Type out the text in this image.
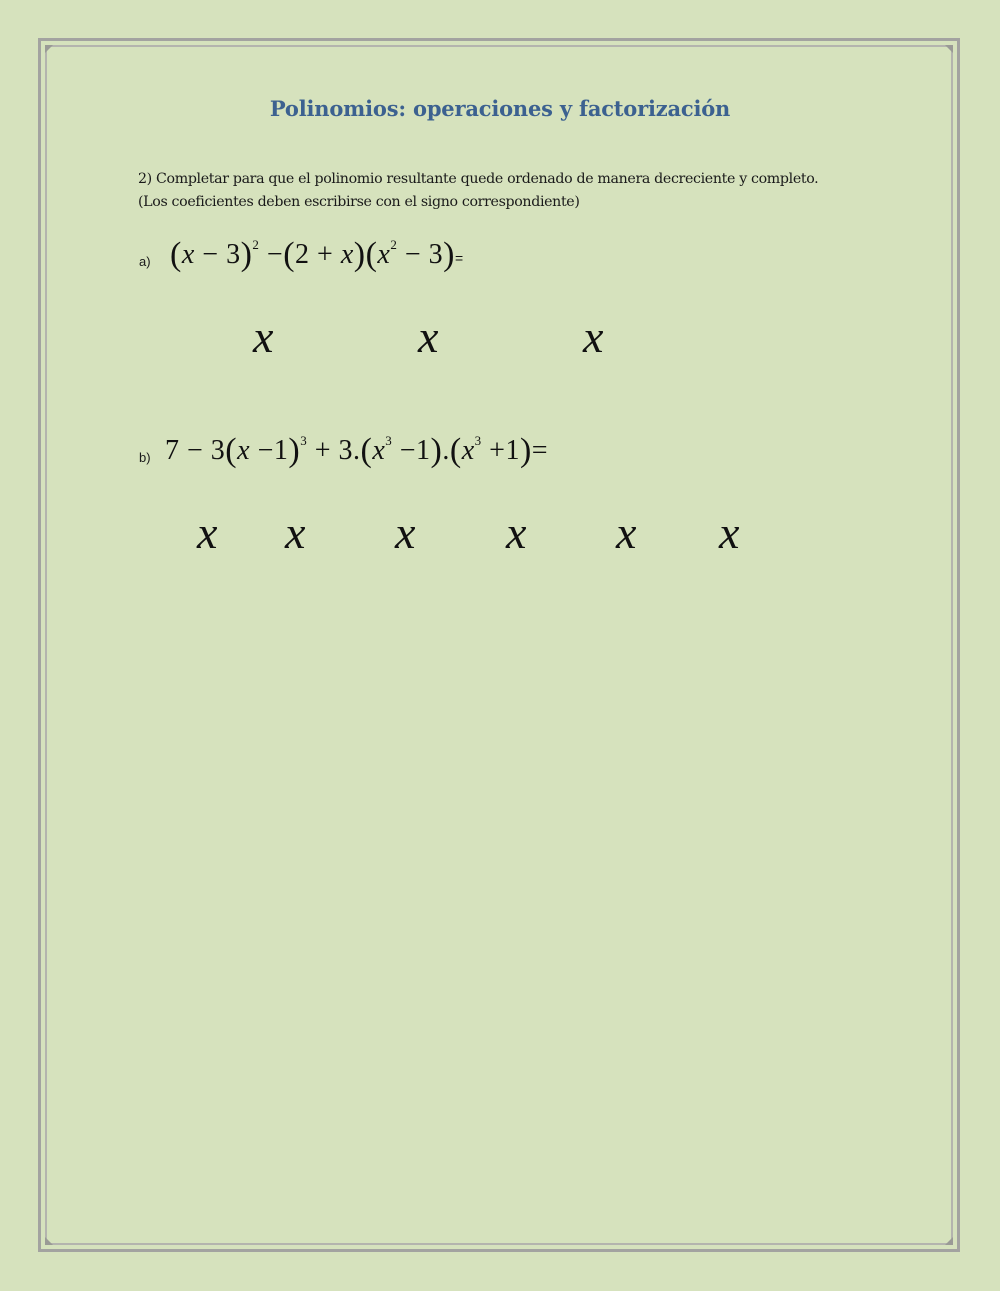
Polinomios: operaciones y factorización
2) Completar para que el polinomio resultante quede ordenado de manera decreciente y completo.
(Los coeficientes deben escribirse con el signo correspondiente)
a) $(x - 3)^2 -(2 + x)(x^2 - 3)=$
x	x	x
b) $7 - 3(x -1)^3 + 3.(x^3 -1).(x^3 +1)=$
x x x x x x
